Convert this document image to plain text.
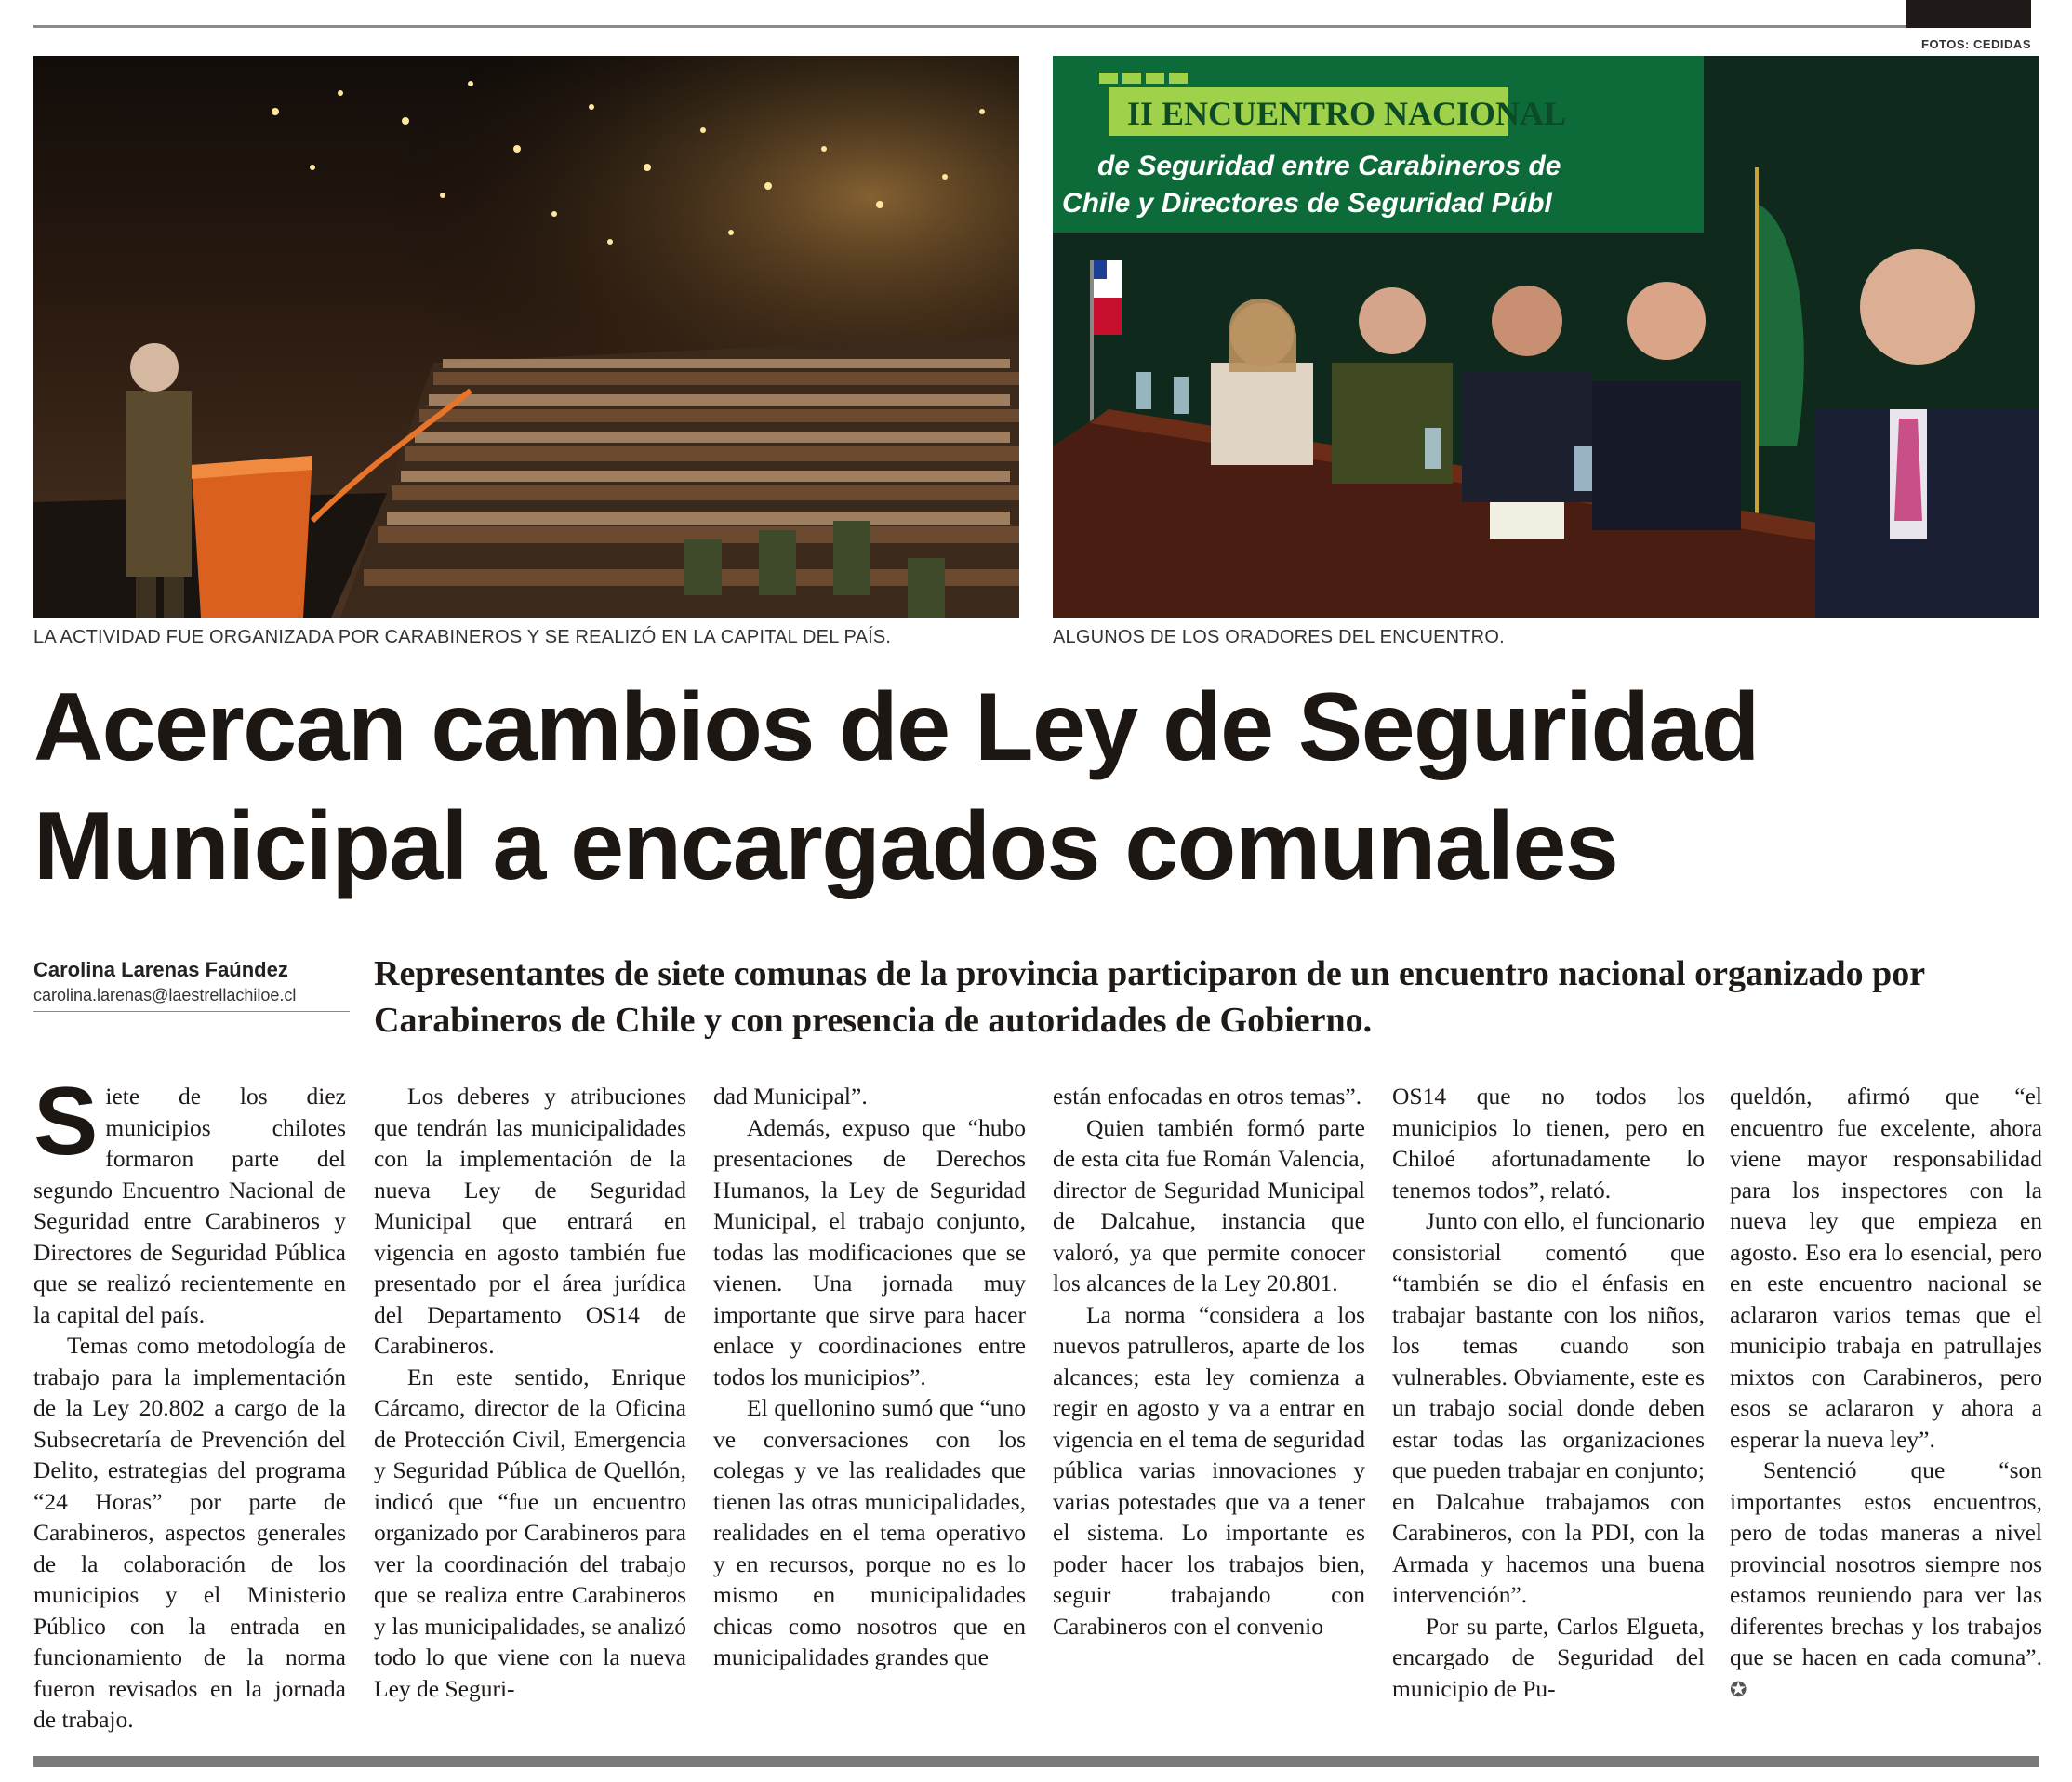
FOTOS: CEDIDAS
II ENCUENTRO NACIONAL
de Seguridad entre Carabineros de
Chile y Directores de Seguridad Públ
LA ACTIVIDAD FUE ORGANIZADA POR CARABINEROS Y SE REALIZÓ EN LA CAPITAL DEL PAÍS.	ALGUNOS DE LOS ORADORES DEL ENCUENTRO.
Acercan cambios de Ley de Seguridad
Municipal a encargados comunales
Carolina Larenas Faúndez
carolina.larenas@laestrellachiloe.cl

Representantes de siete comunas de la provincia participaron de un encuentro nacional organizado por Carabineros de Chile y con presencia de autoridades de Gobierno.

Siete de los diez municipios chilotes formaron parte del segundo Encuentro Nacional de Seguridad entre Carabineros y Directores de Seguridad Pública que se realizó recientemente en la capital del país.

Temas como metodología de trabajo para la implementación de la Ley 20.802 a cargo de la Subsecretaría de Prevención del Delito, estrategias del programa “24 Horas” por parte de Carabineros, aspectos generales de la colaboración de los municipios y el Ministerio Público con la entrada en funcionamiento de la norma fueron revisados en la jornada de trabajo.

Los deberes y atribuciones que tendrán las municipalidades con la implementación de la nueva Ley de Seguridad Municipal que entrará en vigencia en agosto también fue presentado por el área jurídica del Departamento OS14 de Carabineros.

En este sentido, Enrique Cárcamo, director de la Oficina de Protección Civil, Emergencia y Seguridad Pública de Quellón, indicó que “fue un encuentro organizado por Carabineros para ver la coordinación del trabajo que se realiza entre Carabineros y las municipalidades, se analizó todo lo que viene con la nueva Ley de Seguri-

dad Municipal”.

Además, expuso que “hubo presentaciones de Derechos Humanos, la Ley de Seguridad Municipal, el trabajo conjunto, todas las modificaciones que se vienen. Una jornada muy importante que sirve para hacer enlace y coordinaciones entre todos los municipios”.

El quellonino sumó que “uno ve conversaciones con los colegas y ve las realidades que tienen las otras municipalidades, realidades en el tema operativo y en recursos, porque no es lo mismo en municipalidades chicas como nosotros que en municipalidades grandes que

están enfocadas en otros temas”.

Quien también formó parte de esta cita fue Román Valencia, director de Seguridad Municipal de Dalcahue, instancia que valoró, ya que permite conocer los alcances de la Ley 20.801.

La norma “considera a los nuevos patrulleros, aparte de los alcances; esta ley comienza a regir en agosto y va a entrar en vigencia en el tema de seguridad pública varias innovaciones y varias potestades que va a tener el sistema. Lo importante es poder hacer los trabajos bien, seguir trabajando con Carabineros con el convenio

OS14 que no todos los municipios lo tienen, pero en Chiloé afortunadamente lo tenemos todos”, relató.

Junto con ello, el funcionario consistorial comentó que “también se dio el énfasis en trabajar bastante con los niños, los temas cuando son vulnerables. Obviamente, este es un trabajo social donde deben estar todas las organizaciones que pueden trabajar en conjunto; en Dalcahue trabajamos con Carabineros, con la PDI, con la Armada y hacemos una buena intervención”.

Por su parte, Carlos Elgueta, encargado de Seguridad del municipio de Pu-

queldón, afirmó que “el encuentro fue excelente, ahora viene mayor responsabilidad para los inspectores con la nueva ley que empieza en agosto. Eso era lo esencial, pero en este encuentro nacional se aclararon varios temas que el municipio trabaja en patrullajes mixtos con Carabineros, pero esos se aclararon y ahora a esperar la nueva ley”.

Sentenció que “son importantes estos encuentros, pero de todas maneras a nivel provincial nosotros siempre nos estamos reuniendo para ver las diferentes brechas y los trabajos que se hacen en cada comuna”. ✪
